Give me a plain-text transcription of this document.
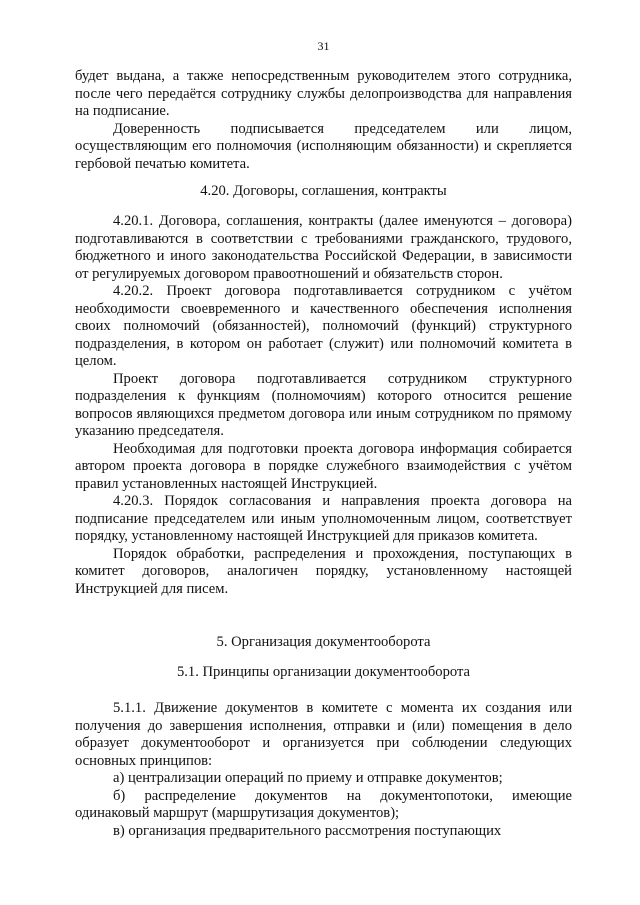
31

будет выдана, а также непосредственным руководителем этого сотрудника, после чего передаётся сотруднику службы делопроизводства для направления на подписание.

Доверенность подписывается председателем или лицом, осуществляющим его полномочия (исполняющим обязанности) и скрепляется гербовой печатью комитета.

4.20. Договоры, соглашения, контракты

4.20.1. Договора, соглашения, контракты (далее именуются – договора) подготавливаются в соответствии с требованиями гражданского, трудового, бюджетного и иного законодательства Российской Федерации, в зависимости от регулируемых договором правоотношений и обязательств сторон.

4.20.2. Проект договора подготавливается сотрудником с учётом необходимости своевременного и качественного обеспечения исполнения своих полномочий (обязанностей), полномочий (функций) структурного подразделения, в котором он работает (служит) или полномочий комитета в целом.

Проект договора подготавливается сотрудником структурного подразделения к функциям (полномочиям) которого относится решение вопросов являющихся предметом договора или иным сотрудником по прямому указанию председателя.

Необходимая для подготовки проекта договора информация собирается автором проекта договора в порядке служебного взаимодействия с учётом правил установленных настоящей Инструкцией.

4.20.3. Порядок согласования и направления проекта договора на подписание председателем или иным уполномоченным лицом, соответствует порядку, установленному настоящей Инструкцией для приказов комитета.

Порядок обработки, распределения и прохождения, поступающих в комитет договоров, аналогичен порядку, установленному настоящей Инструкцией для писем.

5. Организация документооборота

5.1. Принципы организации документооборота

5.1.1. Движение документов в комитете с момента их создания или получения до завершения исполнения, отправки и (или) помещения в дело образует документооборот и организуется при соблюдении следующих основных принципов:

а) централизации операций по приему и отправке документов;

б) распределение документов на документопотоки, имеющие одинаковый маршрут (маршрутизация документов);

в) организация предварительного рассмотрения поступающих
